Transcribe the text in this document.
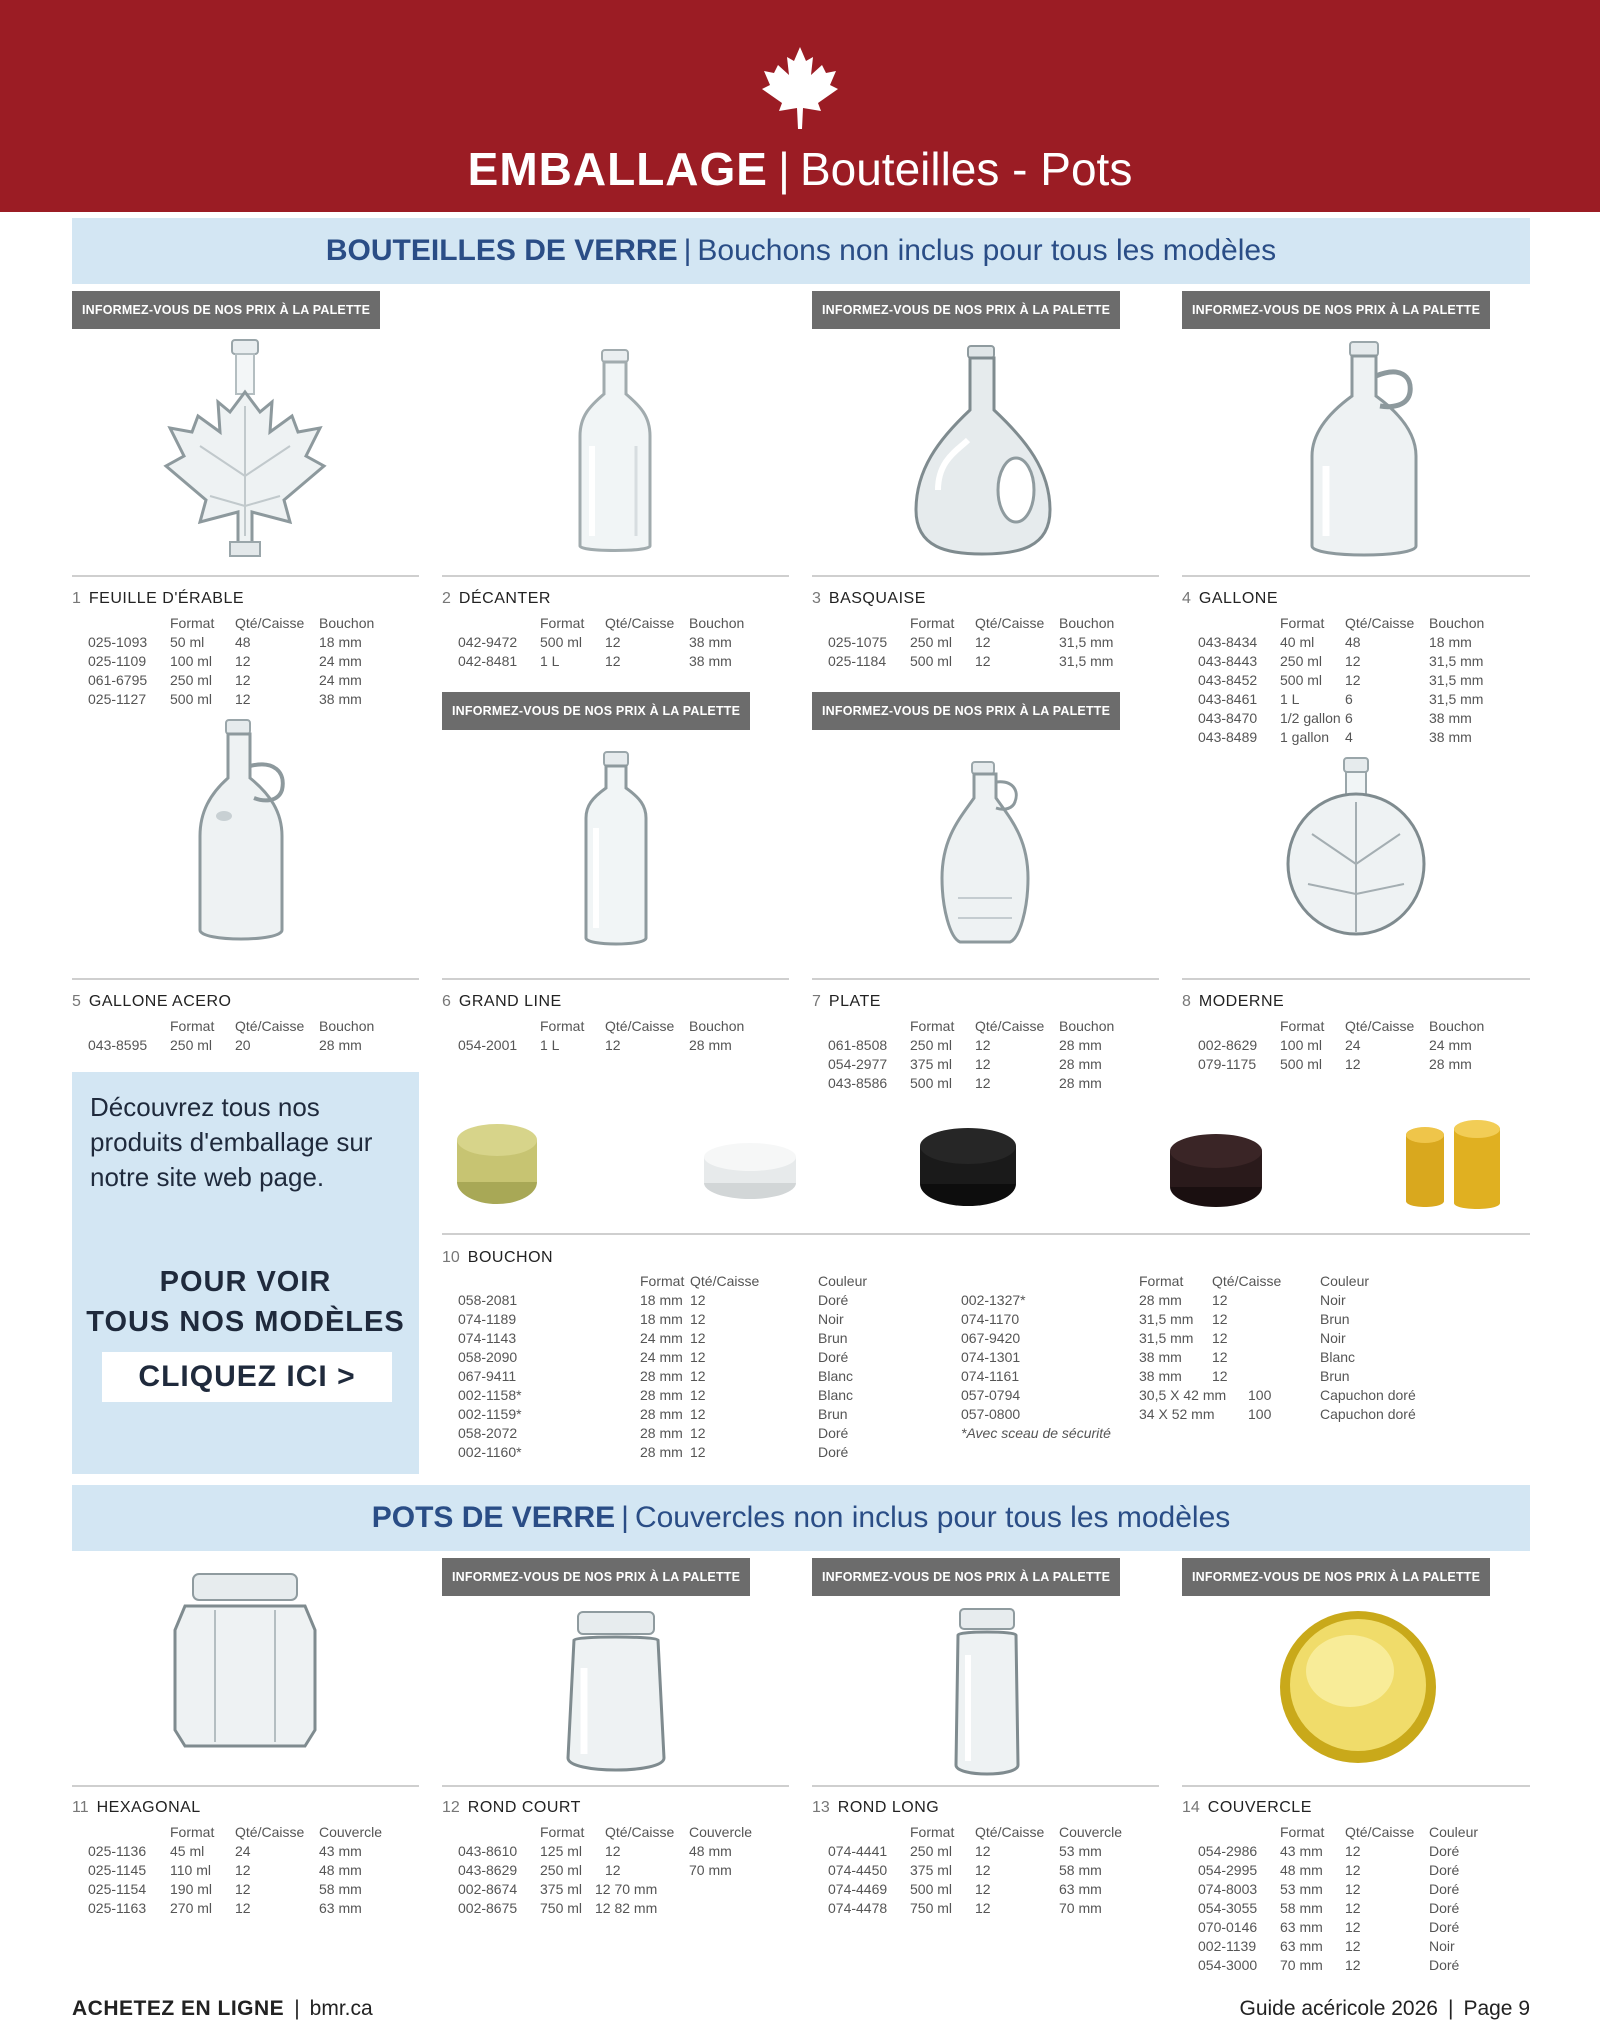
EMBALLAGE | Bouteilles - Pots
BOUTEILLES DE VERRE | Bouchons non inclus pour tous les modèles
INFORMEZ-VOUS DE NOS PRIX À LA PALETTE	INFORMEZ-VOUS DE NOS PRIX À LA PALETTE	INFORMEZ-VOUS DE NOS PRIX À LA PALETTE
1 FEUILLE D'ÉRABLE
Format	Qté/Caisse	Bouchon
025-1093	50 ml	48	18 mm
025-1109	100 ml	12	24 mm
061-6795	250 ml	12	24 mm
025-1127	500 ml	12	38 mm
2 DÉCANTER
Format	Qté/Caisse	Bouchon
042-9472	500 ml	12	38 mm
042-8481	1 L	12	38 mm
3 BASQUAISE
Format	Qté/Caisse	Bouchon
025-1075	250 ml	12	31,5 mm
025-1184	500 ml	12	31,5 mm
4 GALLONE
Format	Qté/Caisse	Bouchon
043-8434	40 ml	48	18 mm
043-8443	250 ml	12	31,5 mm
043-8452	500 ml	12	31,5 mm
043-8461	1 L	6	31,5 mm
043-8470	1/2 gallon 6	38 mm
043-8489	1 gallon	4	38 mm
INFORMEZ-VOUS DE NOS PRIX À LA PALETTE	INFORMEZ-VOUS DE NOS PRIX À LA PALETTE
5 GALLONE ACERO
Format	Qté/Caisse	Bouchon
043-8595	250 ml	20	28 mm
6 GRAND LINE
Format	Qté/Caisse	Bouchon
054-2001	1 L	12	28 mm
7 PLATE
Format	Qté/Caisse	Bouchon
061-8508	250 ml	12	28 mm
054-2977	375 ml	12	28 mm
043-8586	500 ml	12	28 mm
8 MODERNE
Format	Qté/Caisse	Bouchon
002-8629	100 ml	24	24 mm
079-1175	500 ml	12	28 mm
Découvrez tous nos produits d'emballage sur notre site web page.
POUR VOIR
TOUS NOS MODÈLES
CLIQUEZ ICI >
10 BOUCHON
Format Qté/Caisse	Couleur
058-2081	18 mm 12	Doré
074-1189	18 mm 12	Noir
074-1143	24 mm 12	Brun
058-2090	24 mm 12	Doré
067-9411	28 mm 12	Blanc
002-1158*	28 mm 12	Blanc
002-1159*	28 mm 12	Brun
058-2072	28 mm 12	Doré
002-1160*	28 mm 12	Doré
Format	Qté/Caisse	Couleur
002-1327*	28 mm	12	Noir
074-1170	31,5 mm	12	Brun
067-9420	31,5 mm	12	Noir
074-1301	38 mm	12	Blanc
074-1161	38 mm	12	Brun
057-0794	30,5 X 42 mm	100	Capuchon doré
057-0800	34 X 52 mm	100	Capuchon doré
*Avec sceau de sécurité
POTS DE VERRE | Couvercles non inclus pour tous les modèles
INFORMEZ-VOUS DE NOS PRIX À LA PALETTE	INFORMEZ-VOUS DE NOS PRIX À LA PALETTE	INFORMEZ-VOUS DE NOS PRIX À LA PALETTE
11 HEXAGONAL
Format	Qté/Caisse	Couvercle
025-1136	45 ml	24	43 mm
025-1145	110 ml	12	48 mm
025-1154	190 ml	12	58 mm
025-1163	270 ml	12	63 mm
12 ROND COURT
Format	Qté/Caisse	Couvercle
043-8610	125 ml	12	48 mm
043-8629	250 ml	12	70 mm
002-8674	375 ml 12 70 mm
002-8675	750 ml 12 82 mm
13 ROND LONG
Format	Qté/Caisse	Couvercle
074-4441	250 ml	12	53 mm
074-4450	375 ml	12	58 mm
074-4469	500 ml	12	63 mm
074-4478	750 ml	12	70 mm
14 COUVERCLE
Format	Qté/Caisse	Couleur
054-2986	43 mm	12	Doré
054-2995	48 mm	12	Doré
074-8003	53 mm	12	Doré
054-3055	58 mm	12	Doré
070-0146	63 mm	12	Doré
002-1139	63 mm	12	Noir
054-3000	70 mm	12	Doré
ACHETEZ EN LIGNE | bmr.ca	Guide acéricole 2026 | Page 9
